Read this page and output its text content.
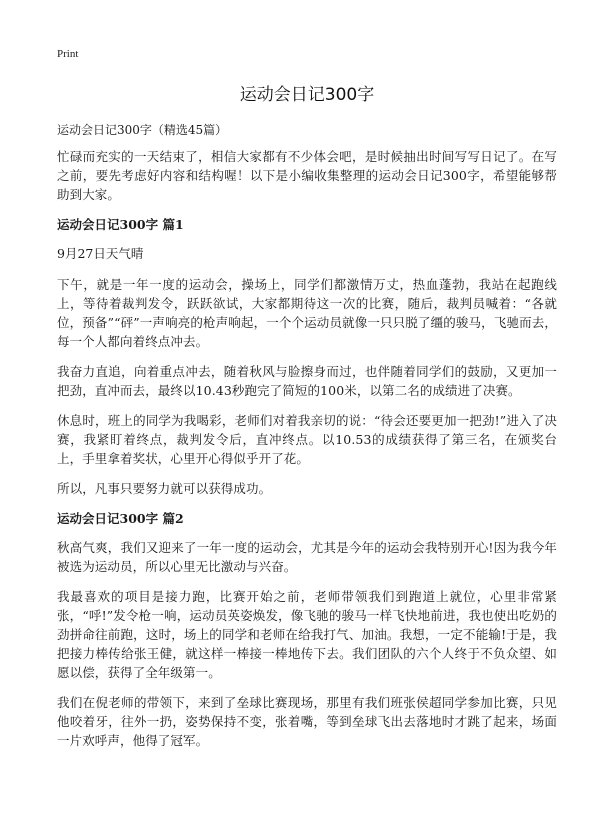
Print
运动会日记300字
运动会日记300字（精选45篇）

忙碌而充实的一天结束了，相信大家都有不少体会吧，是时候抽出时间写写日记了。在写之前，要先考虑好内容和结构喔！以下是小编收集整理的运动会日记300字，希望能够帮助到大家。

运动会日记300字 篇1
9月27日天气晴

下午，就是一年一度的运动会，操场上，同学们都激情万丈，热血蓬勃，我站在起跑线上，等待着裁判发令，跃跃欲试，大家都期待这一次的比赛，随后，裁判员喊着：“各就位，预备”“砰”一声响亮的枪声响起，一个个运动员就像一只只脱了缰的骏马，飞驰而去，每一个人都向着终点冲去。

我奋力直追，向着重点冲去，随着秋风与脸擦身而过，也伴随着同学们的鼓励，又更加一把劲，直冲而去，最终以10.43秒跑完了简短的100米，以第二名的成绩进了决赛。

休息时，班上的同学为我喝彩，老师们对着我亲切的说：“待会还要更加一把劲!”进入了决赛，我紧盯着终点，裁判发令后，直冲终点。以10.53的成绩获得了第三名，在颁奖台上，手里拿着奖状，心里开心得似乎开了花。

所以，凡事只要努力就可以获得成功。

运动会日记300字 篇2

秋高气爽，我们又迎来了一年一度的运动会，尤其是今年的运动会我特别开心!因为我今年被选为运动员，所以心里无比激动与兴奋。

我最喜欢的项目是接力跑，比赛开始之前，老师带领我们到跑道上就位，心里非常紧张，“呼!”发令枪一响，运动员英姿焕发，像飞驰的骏马一样飞快地前进，我也使出吃奶的劲拼命往前跑，这时，场上的同学和老师在给我打气、加油。我想，一定不能输!于是，我把接力棒传给张王健，就这样一棒接一棒地传下去。我们团队的六个人终于不负众望、如愿以偿，获得了全年级第一。

我们在倪老师的带领下，来到了垒球比赛现场，那里有我们班张侯超同学参加比赛，只见他咬着牙，往外一扔，姿势保持不变，张着嘴，等到垒球飞出去落地时才跳了起来，场面一片欢呼声，他得了冠军。
